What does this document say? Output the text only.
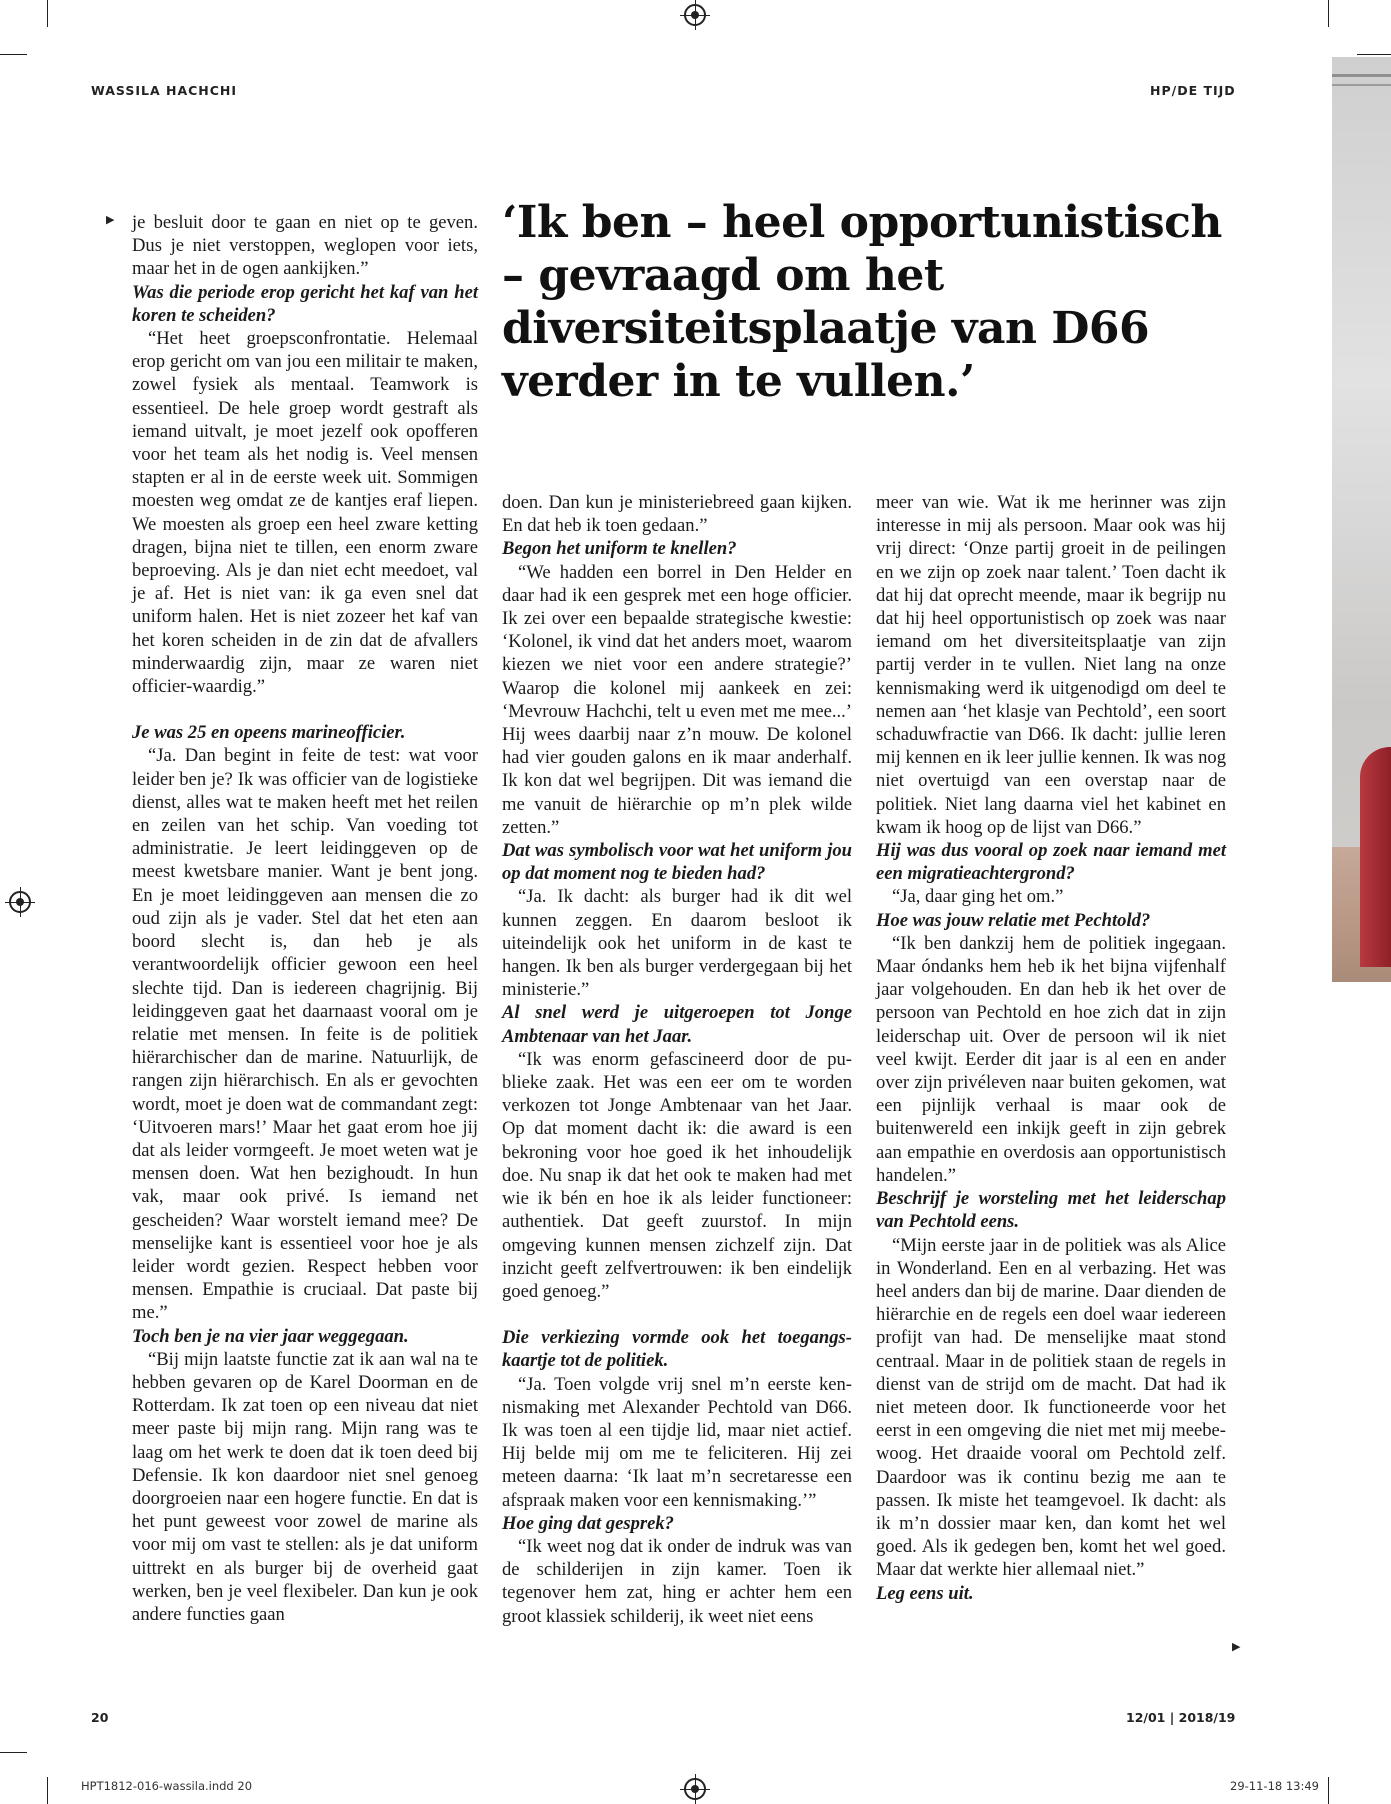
WASSILA HACHCHI	HP/DE TIJD
‘Ik ben – heel opportunistisch – gevraagd om het diversiteitsplaatje van D66 verder in te vullen.’
▶
▶

je besluit door te gaan en niet op te geven. Dus je niet verstoppen, weglopen voor iets, maar het in de ogen aankijken.”

Was die periode erop gericht het kaf van het koren te scheiden?

“Het heet groepsconfrontatie. Helemaal erop gericht om van jou een militair te maken, zowel fysiek als mentaal. Teamwork is essentieel. De hele groep wordt gestraft als iemand uitvalt, je moet jezelf ook opofferen voor het team als het nodig is. Veel mensen stapten er al in de eerste week uit. Sommigen moesten weg omdat ze de kantjes eraf liepen. We moesten als groep een heel zware ketting dragen, bijna niet te tillen, een enorm zware beproeving. Als je dan niet echt meedoet, val je af. Het is niet van: ik ga even snel dat uniform halen. Het is niet zozeer het kaf van het koren scheiden in de zin dat de afvallers minderwaardig zijn, maar ze waren niet officier-waardig.”

Je was 25 en opeens marineofficier.

“Ja. Dan begint in feite de test: wat voor leider ben je? Ik was officier van de logistieke dienst, alles wat te maken heeft met het reilen en zeilen van het schip. Van voeding tot administratie. Je leert leidinggeven op de meest kwetsbare manier. Want je bent jong. En je moet leidinggeven aan mensen die zo oud zijn als je vader. Stel dat het eten aan boord slecht is, dan heb je als verantwoordelijk officier gewoon een heel slechte tijd. Dan is iedereen chagrijnig. Bij leidinggeven gaat het daarnaast vooral om je relatie met mensen. In feite is de politiek hiërarchischer dan de marine. Natuurlijk, de rangen zijn hiërarchisch. En als er gevochten wordt, moet je doen wat de commandant zegt: ‘Uitvoeren mars!’ Maar het gaat erom hoe jij dat als leider vormgeeft. Je moet weten wat je mensen doen. Wat hen bezighoudt. In hun vak, maar ook privé. Is iemand net gescheiden? Waar worstelt iemand mee? De menselijke kant is essentieel voor hoe je als leider wordt gezien. Respect hebben voor mensen. Empathie is cruciaal. Dat paste bij me.”

Toch ben je na vier jaar weggegaan.

“Bij mijn laatste functie zat ik aan wal na te hebben gevaren op de Karel Doorman en de Rotterdam. Ik zat toen op een niveau dat niet meer paste bij mijn rang. Mijn rang was te laag om het werk te doen dat ik toen deed bij Defensie. Ik kon daardoor niet snel genoeg doorgroeien naar een hogere functie. En dat is het punt geweest voor zowel de marine als voor mij om vast te stellen: als je dat uniform uittrekt en als burger bij de overheid gaat werken, ben je veel flexibeler. Dan kun je ook andere functies gaan

doen. Dan kun je ministeriebreed gaan kijken. En dat heb ik toen gedaan.”

Begon het uniform te knellen?

“We hadden een borrel in Den Helder en daar had ik een gesprek met een hoge officier. Ik zei over een bepaalde strategische kwestie: ‘Kolonel, ik vind dat het anders moet, waarom kiezen we niet voor een andere strategie?’ Waarop die kolonel mij aankeek en zei: ‘Mevrouw Hachchi, telt u even met me mee...’ Hij wees daarbij naar z’n mouw. De kolonel had vier gouden galons en ik maar anderhalf. Ik kon dat wel begrijpen. Dit was iemand die me vanuit de hiërarchie op m’n plek wilde zetten.”

Dat was symbolisch voor wat het uniform jou op dat moment nog te bieden had?

“Ja. Ik dacht: als burger had ik dit wel kunnen zeggen. En daarom besloot ik uiteindelijk ook het uniform in de kast te hangen. Ik ben als burger verdergegaan bij het ministerie.”

Al snel werd je uitgeroepen tot Jonge Ambtenaar van het Jaar.

“Ik was enorm gefascineerd door de publieke zaak. Het was een eer om te worden verkozen tot Jonge Ambtenaar van het Jaar. Op dat moment dacht ik: die award is een bekroning voor hoe goed ik het inhoudelijk doe. Nu snap ik dat het ook te maken had met wie ik bén en hoe ik als leider functioneer: authentiek. Dat geeft zuurstof. In mijn omgeving kunnen mensen zichzelf zijn. Dat inzicht geeft zelfvertrouwen: ik ben eindelijk goed genoeg.”

Die verkiezing vormde ook het toegangskaartje tot de politiek.

“Ja. Toen volgde vrij snel m’n eerste kennismaking met Alexander Pechtold van D66. Ik was toen al een tijdje lid, maar niet actief. Hij belde mij om me te feliciteren. Hij zei meteen daarna: ‘Ik laat m’n secretaresse een afspraak maken voor een kennismaking.’”

Hoe ging dat gesprek?

“Ik weet nog dat ik onder de indruk was van de schilderijen in zijn kamer. Toen ik tegenover hem zat, hing er achter hem een groot klassiek schilderij, ik weet niet eens

meer van wie. Wat ik me herinner was zijn interesse in mij als persoon. Maar ook was hij vrij direct: ‘Onze partij groeit in de peilingen en we zijn op zoek naar talent.’ Toen dacht ik dat hij dat oprecht meende, maar ik begrijp nu dat hij heel opportunistisch op zoek was naar iemand om het diversiteitsplaatje van zijn partij verder in te vullen. Niet lang na onze kennismaking werd ik uitgenodigd om deel te nemen aan ‘het klasje van Pechtold’, een soort schaduwfractie van D66. Ik dacht: jullie leren mij kennen en ik leer jullie kennen. Ik was nog niet overtuigd van een overstap naar de politiek. Niet lang daarna viel het kabinet en kwam ik hoog op de lijst van D66.”

Hij was dus vooral op zoek naar iemand met een migratieachtergrond?

“Ja, daar ging het om.”

Hoe was jouw relatie met Pechtold?

“Ik ben dankzij hem de politiek ingegaan. Maar óndanks hem heb ik het bijna vijfenhalf jaar volgehouden. En dan heb ik het over de persoon van Pechtold en hoe zich dat in zijn leiderschap uit. Over de persoon wil ik niet veel kwijt. Eerder dit jaar is al een en ander over zijn privéleven naar buiten gekomen, wat een pijnlijk verhaal is maar ook de buitenwereld een inkijk geeft in zijn gebrek aan empathie en overdosis aan opportunistisch handelen.”

Beschrijf je worsteling met het leiderschap van Pechtold eens.

“Mijn eerste jaar in de politiek was als Alice in Wonderland. Een en al verbazing. Het was heel anders dan bij de marine. Daar dienden de hiërarchie en de regels een doel waar iedereen profijt van had. De menselijke maat stond centraal. Maar in de politiek staan de regels in dienst van de strijd om de macht. Dat had ik niet meteen door. Ik functioneerde voor het eerst in een omgeving die niet met mij meebewoog. Het draaide vooral om Pechtold zelf. Daardoor was ik continu bezig me aan te passen. Ik miste het teamgevoel. Ik dacht: als ik m’n dossier maar ken, dan komt het wel goed. Als ik gedegen ben, komt het wel goed. Maar dat werkte hier allemaal niet.”

Leg eens uit.

20	12/01 | 2018/19
HPT1812-016-wassila.indd 20	29-11-18 13:49
